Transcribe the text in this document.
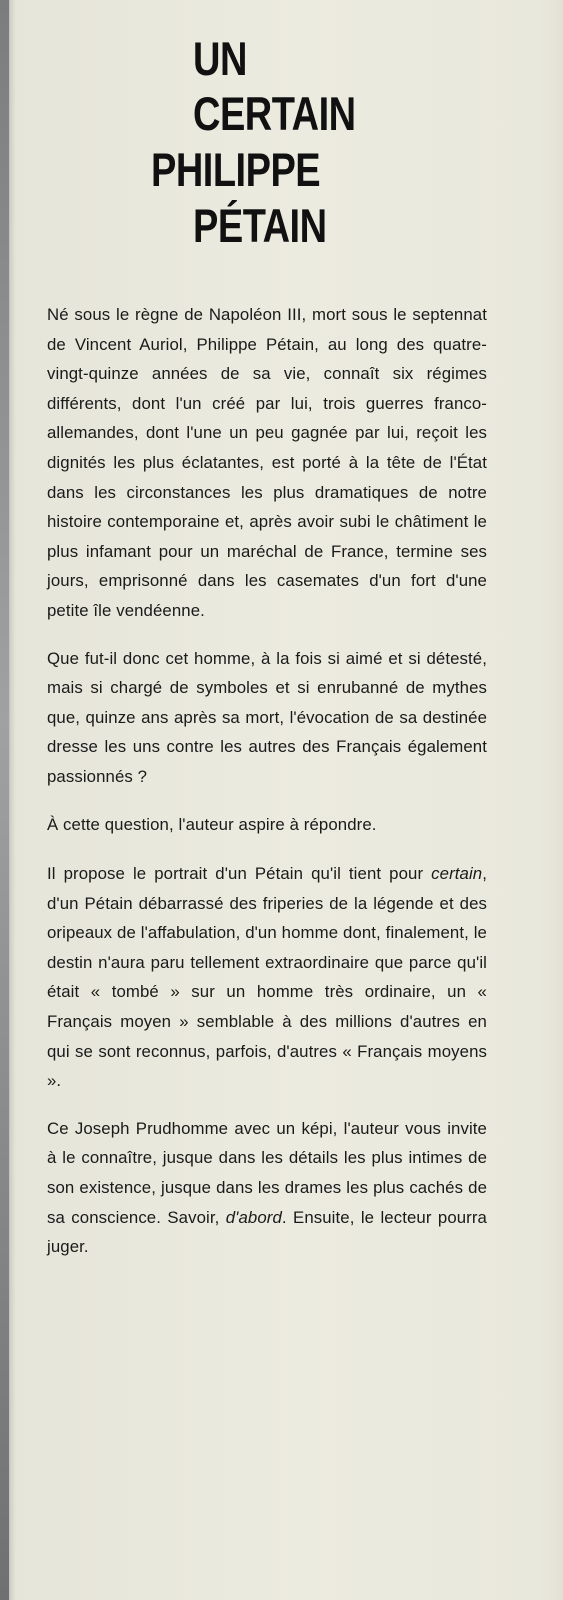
UN
CERTAIN
PHILIPPE
PÉTAIN

Né sous le règne de Napoléon III, mort sous le septennat de Vincent Auriol, Philippe Pétain, au long des quatre-vingt-quinze années de sa vie, connaît six régimes différents, dont l'un créé par lui, trois guerres franco-allemandes, dont l'une un peu gagnée par lui, reçoit les dignités les plus éclatantes, est porté à la tête de l'État dans les circonstances les plus dramatiques de notre histoire contemporaine et, après avoir subi le châtiment le plus infamant pour un maréchal de France, termine ses jours, emprisonné dans les casemates d'un fort d'une petite île vendéenne.

Que fut-il donc cet homme, à la fois si aimé et si détesté, mais si chargé de symboles et si enrubanné de mythes que, quinze ans après sa mort, l'évocation de sa destinée dresse les uns contre les autres des Français également passionnés ?

À cette question, l'auteur aspire à répondre.

Il propose le portrait d'un Pétain qu'il tient pour certain, d'un Pétain débarrassé des friperies de la légende et des oripeaux de l'affabulation, d'un homme dont, finalement, le destin n'aura paru tellement extraordinaire que parce qu'il était « tombé » sur un homme très ordinaire, un « Français moyen » semblable à des millions d'autres en qui se sont reconnus, parfois, d'autres « Français moyens ».

Ce Joseph Prudhomme avec un képi, l'auteur vous invite à le connaître, jusque dans les détails les plus intimes de son existence, jusque dans les drames les plus cachés de sa conscience. Savoir, d'abord. Ensuite, le lecteur pourra juger.
